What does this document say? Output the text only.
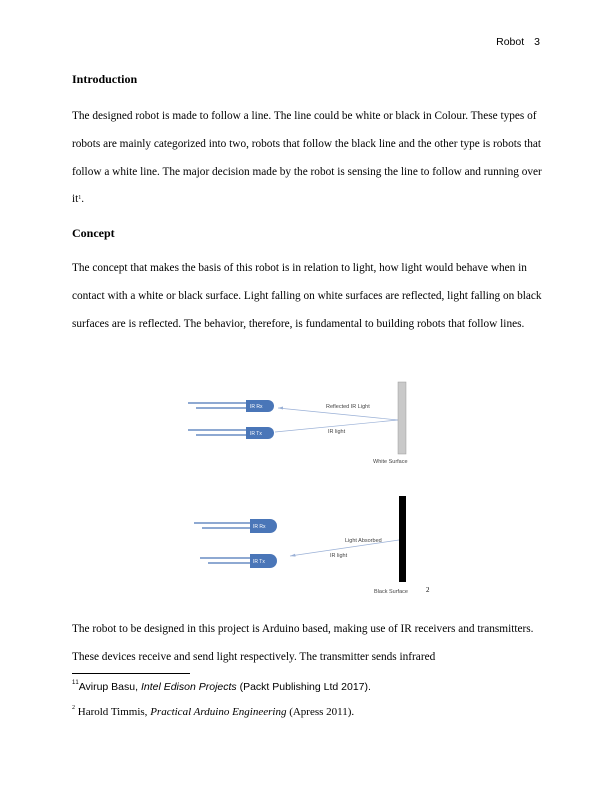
Robot 3
Introduction

The designed robot is made to follow a line. The line could be white or black in Colour. These types of robots are mainly categorized into two, robots that follow the black line and the other type is robots that follow a white line. The major decision made by the robot is sensing the line to follow and running over $it^1$.

Concept

The concept that makes the basis of this robot is in relation to light, how light would behave when in contact with a white or black surface. Light falling on white surfaces are reflected, light falling on black surfaces are is reflected. The behavior, therefore, is fundamental to building robots that follow lines.

IR Rx
IR Tx
Reflected IR Light
IR light
White Surface
IR Rx
IR Tx
Light Absorbed
IR light
Black Surface	2

The robot to be designed in this project is Arduino based, making use of IR receivers and transmitters. These devices receive and send light respectively. The transmitter sends infrared

$^{11}$Avirup Basu, Intel Edison Projects (Packt Publishing Ltd 2017).
$^2$ Harold Timmis, Practical Arduino Engineering (Apress 2011).
